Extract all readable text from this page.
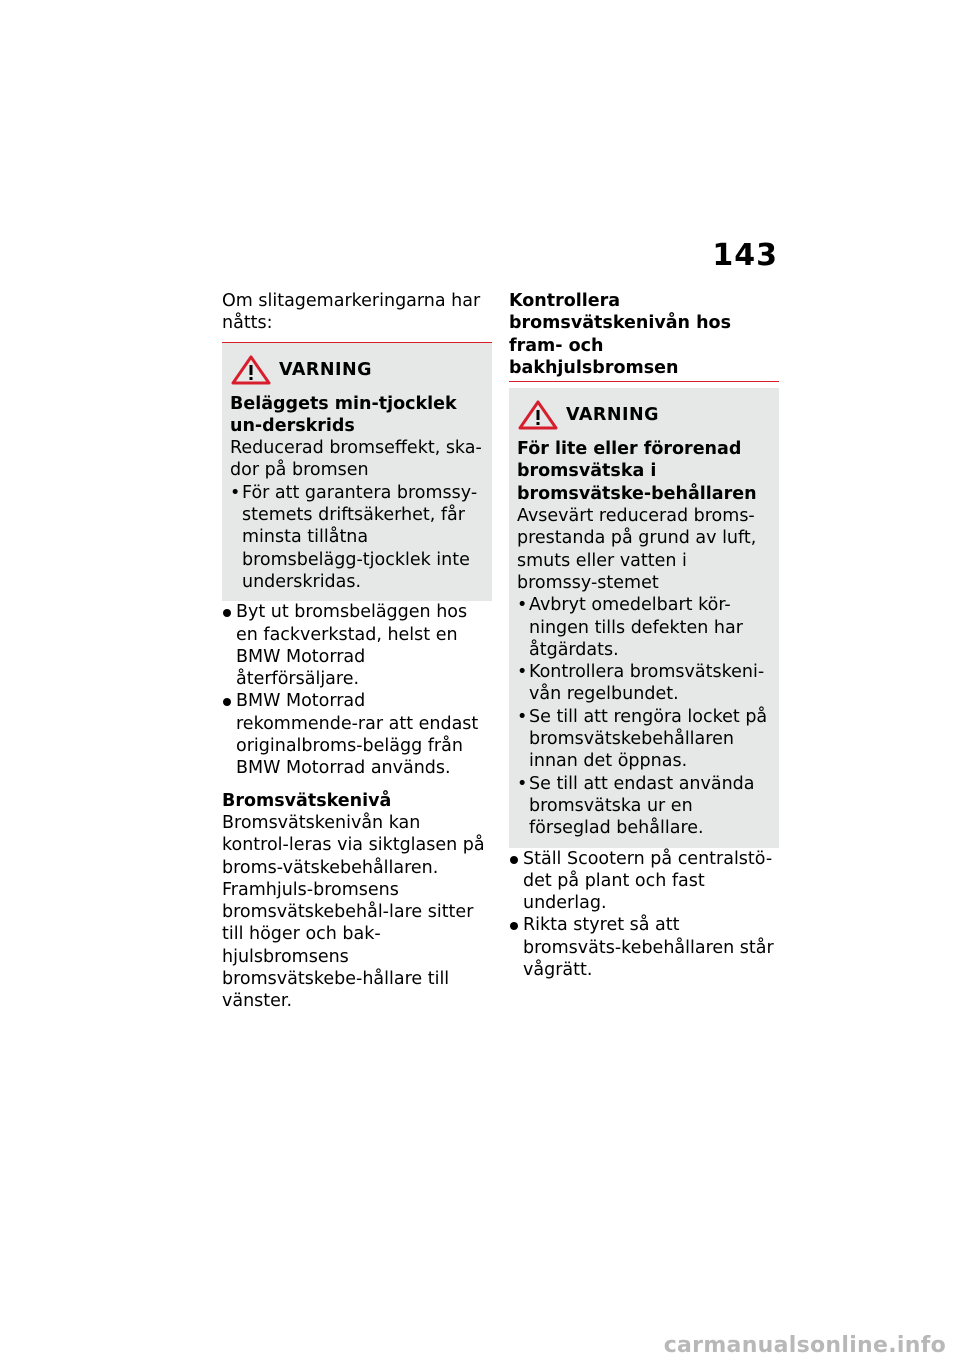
143

Om slitagemarkeringarna har nåtts:

VARNING

Beläggets min-tjocklek un-derskrids

Reducerad bromseffekt, ska-dor på bromsen

• För att garantera bromssy-stemets driftsäkerhet, får minsta tillåtna bromsbelägg-tjocklek inte underskridas.
Byt ut bromsbeläggen hos en fackverkstad, helst en BMW Motorrad återförsäljare.
BMW Motorrad rekommende-rar att endast originalbroms-belägg från BMW Motorrad används.
Bromsvätskenivå

Bromsvätskenivån kan kontrol-leras via siktglasen på broms-vätskebehållaren. Framhjuls-bromsens bromsvätskebehål-lare sitter till höger och bak-hjulsbromsens bromsvätskebe-hållare till vänster.

Kontrollera bromsvätskenivån hos fram- och bakhjulsbromsen
VARNING

För lite eller förorenad bromsvätska i bromsvätske-behållaren

Avsevärt reducerad broms-prestanda på grund av luft, smuts eller vatten i bromssy-stemet

• Avbryt omedelbart kör-ningen tills defekten har åtgärdats.
• Kontrollera bromsvätskeni-vån regelbundet.
• Se till att rengöra locket på bromsvätskebehållaren innan det öppnas.
• Se till att endast använda bromsvätska ur en förseglad behållare.
Ställ Scootern på centralstö-det på plant och fast underlag.
Rikta styret så att bromsväts-kebehållaren står vågrätt.
carmanualsonline.info
